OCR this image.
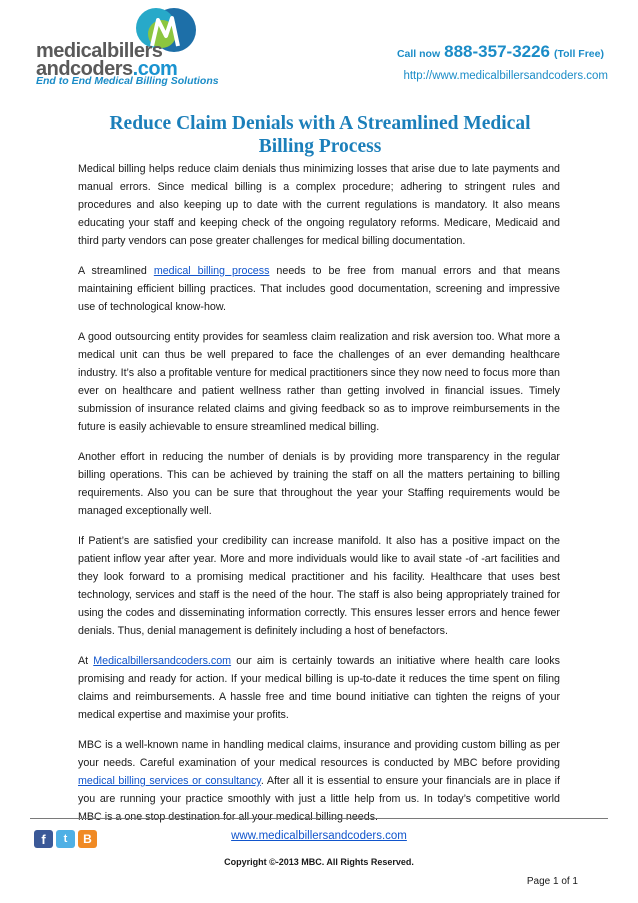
medicalbillers
andcoders.com
End to End Medical Billing Solutions
Call now 888-357-3226 (Toll Free)
http://www.medicalbillersandcoders.com
Reduce Claim Denials with A Streamlined Medical Billing Process

Medical billing helps reduce claim denials thus minimizing losses that arise due to late payments and manual errors. Since medical billing is a complex procedure; adhering to stringent rules and procedures and also keeping up to date with the current regulations is mandatory. It also means educating your staff and keeping check of the ongoing regulatory reforms. Medicare, Medicaid and third party vendors can pose greater challenges for medical billing documentation.

A streamlined medical billing process needs to be free from manual errors and that means maintaining efficient billing practices. That includes good documentation, screening and impressive use of technological know-how.

A good outsourcing entity provides for seamless claim realization and risk aversion too. What more a medical unit can thus be well prepared to face the challenges of an ever demanding healthcare industry. It’s also a profitable venture for medical practitioners since they now need to focus more than ever on healthcare and patient wellness rather than getting involved in financial issues. Timely submission of insurance related claims and giving feedback so as to improve reimbursements in the future is easily achievable to ensure streamlined medical billing.

Another effort in reducing the number of denials is by providing more transparency in the regular billing operations. This can be achieved by training the staff on all the matters pertaining to billing requirements. Also you can be sure that throughout the year your Staffing requirements would be managed exceptionally well.

If Patient’s are satisfied your credibility can increase manifold. It also has a positive impact on the patient inflow year after year. More and more individuals would like to avail state -of -art facilities and they look forward to a promising medical practitioner and his facility. Healthcare that uses best technology, services and staff is the need of the hour. The staff is also being appropriately trained for using the codes and disseminating information correctly. This ensures lesser errors and hence fewer denials. Thus, denial management is definitely including a host of benefactors.

At Medicalbillersandcoders.com our aim is certainly towards an initiative where health care looks promising and ready for action. If your medical billing is up-to-date it reduces the time spent on filing claims and reimbursements. A hassle free and time bound initiative can tighten the reigns of your medical expertise and maximise your profits.

MBC is a well-known name in handling medical claims, insurance and providing custom billing as per your needs. Careful examination of your medical resources is conducted by MBC before providing medical billing services or consultancy. After all it is essential to ensure your financials are in place if you are running your practice smoothly with just a little help from us. In today’s competitive world MBC is a one stop destination for all your medical billing needs.

f	t	B	www.medicalbillersandcoders.com
Copyright ©-2013 MBC. All Rights Reserved.
Page 1 of 1
